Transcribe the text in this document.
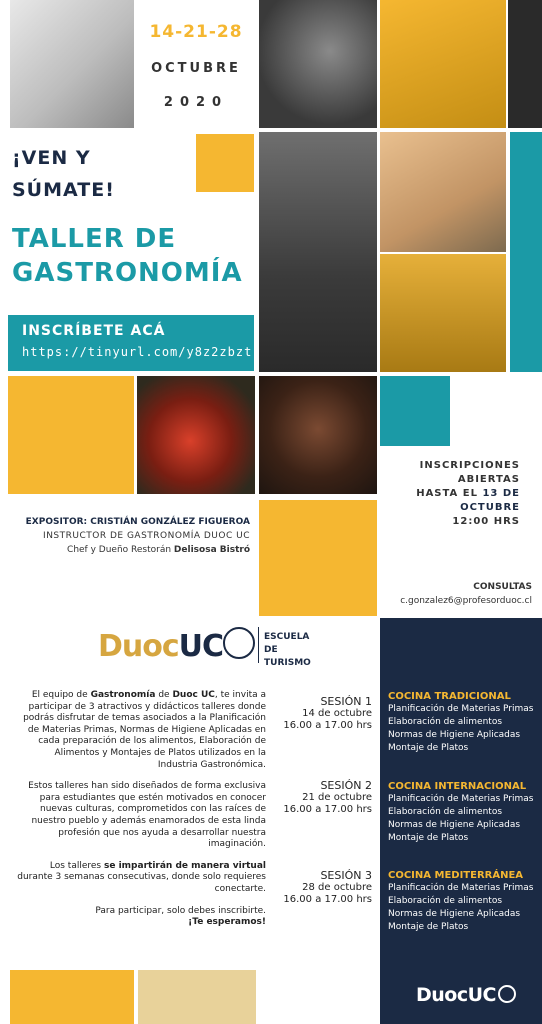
14-21-28
OCTUBRE
2020
¡VEN Y
SÚMATE!
TALLER DE
GASTRONOMÍA
INSCRÍBETE ACÁ
https://tinyurl.com/y8z2zbzt
INSCRIPCIONES ABIERTAS
HASTA EL 13 DE OCTUBRE
12:00 HRS
EXPOSITOR: CRISTIÁN GONZÁLEZ FIGUEROA
INSTRUCTOR DE GASTRONOMÍA DUOC UC
Chef y Dueño Restorán Delisosa Bistró
CONSULTAS
c.gonzalez6@profesorduoc.cl
DuocUC	ESCUELA
DE TURISMO

El equipo de Gastronomía de Duoc UC, te invita a participar de 3 atractivos y didácticos talleres donde podrás disfrutar de temas asociados a la Planificación de Materias Primas, Normas de Higiene Aplicadas en cada preparación de los alimentos, Elaboración de Alimentos y Montajes de Platos utilizados en la Industria Gastronómica.

Estos talleres han sido diseñados de forma exclusiva para estudiantes que estén motivados en conocer nuevas culturas, comprometidos con las raíces de nuestro pueblo y además enamorados de esta linda profesión que nos ayuda a desarrollar nuestra imaginación.

Los talleres se impartirán de manera virtual durante 3 semanas consecutivas, donde solo requieres conectarte.

Para participar, solo debes inscribirte.
¡Te esperamos!

SESIÓN 1
14 de octubre
16.00 a 17.00 hrs
SESIÓN 2
21 de octubre
16.00 a 17.00 hrs
SESIÓN 3
28 de octubre
16.00 a 17.00 hrs
COCINA TRADICIONAL
Planificación de Materias Primas
Elaboración de alimentos
Normas de Higiene Aplicadas
Montaje de Platos
COCINA INTERNACIONAL
Planificación de Materias Primas
Elaboración de alimentos
Normas de Higiene Aplicadas
Montaje de Platos
COCINA MEDITERRÁNEA
Planificación de Materias Primas
Elaboración de alimentos
Normas de Higiene Aplicadas
Montaje de Platos
DuocUC
